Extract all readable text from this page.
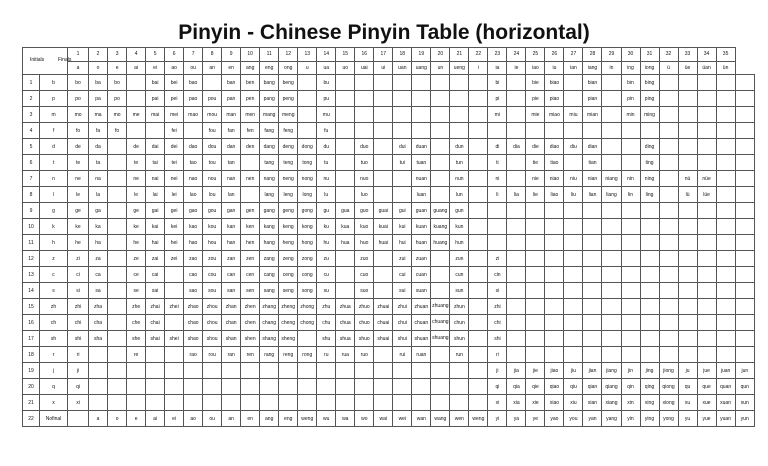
Pinyin - Chinese Pinyin Table (horizontal)
Initials Finals		1	2	3	4	5	6	7	8	9	10	11	12	13	14	15	16	17	18	19	20	21	22	23	24	25	26	27	28	29	30	31	32	33	34	35	
		a	o	e	ai	ei	ao	ou	an	en	ang	eng	ong	u	ua	uo	uai	ui	uan	uang	un	ueng	i	ia	ie	iao	iu	ian	iang	in	ing	iong	ü	üe	üan	ün	
1	b	bo	ba	bo		bai	bei	bao		ban	ben	bang	beng		bu									bi		bie	biao		bian		bin	bing					
2	p	po	pa	po		pai	pei	pao	pou	pan	pen	pang	peng		pu									pi		pie	piao		pian		pin	ping					
3	m	mo	ma	mo	me	mai	mei	mao	mou	man	men	mang	meng		mu									mi		mie	miao	miu	mian		min	ming					
4	f	fo	fa	fo			fei		fou	fan	fen	fang	feng		fu																						
5	d	de	da		de	dai	dei	dao	dou	dan	den	dang	deng	dong	du		duo		dui	duan		dun		di	dia	die	diao	diu	dian			ding					
6	t	te	ta		te	tai	tei	tao	tou	tan		tang	teng	tong	tu		tuo		tui	tuan		tun		ti		tie	tiao		tian			ting					
7	n	ne	na		ne	nai	nei	nao	nou	nan	nen	nang	neng	nong	nu		nuo			nuan		nun		ni		nie	niao	niu	nian	niang	nin	ning		nü	nüe		
8	l	le	la		le	lai	lei	lao	lou	lan		lang	leng	long	lu		luo			luan		lun		li	lia	lie	liao	liu	lian	liang	lin	ling		lü	lüe		
9	g	ge	ga		ge	gai	gei	gao	gou	gan	gen	gang	geng	gong	gu	gua	guo	guai	gui	guan	guang	gun															
10	k	ke	ka		ke	kai	kei	kao	kou	kan	ken	kang	keng	kong	ku	kua	kuo	kuai	kui	kuan	kuang	kun															
11	h	he	ha		he	hai	hei	hao	hou	han	hen	hang	heng	hong	hu	hua	huo	huai	hui	huan	huang	hun															
12	z	zi	za		ze	zai	zei	zao	zou	zan	zen	zang	zeng	zong	zu		zuo		zui	zuan		zun		zi													
13	c	ci	ca		ce	cai		cao	cou	can	cen	cang	ceng	cong	cu		cuo		cui	cuan		cun		cin													
14	s	si	sa		se	sai		sao	sou	san	sen	sang	seng	song	su		suo		sui	suan		sun		si													
15	zh	zhi	zha		zhe	zhai	zhei	zhao	zhou	zhan	zhen	zhang	zheng	zhong	zhu	zhua	zhuo	zhuai	zhui	zhuan	zhuang	zhun		zhi													
16	ch	chi	cha		che	chai		chao	chou	chan	chen	chang	cheng	chong	chu	chua	chuo	chuai	chui	chuan	chuang	chun		chi													
17	sh	shi	sha		she	shai	shei	shao	shou	shan	shen	shang	sheng		shu	shua	shuo	shuai	shui	shuan	shuang	shun		shi													
18	r	ri			re			rao	rou	ran	ren	rang	reng	rong	ru	rua	ruo		rui	ruan		run		ri													
19	j	ji																						ji	jia	jie	jiao	jiu	jian	jiang	jin	jing	jiong	ju	jue	juan	jun
20	q	qi																						qi	qia	qie	qiao	qiu	qian	qiang	qin	qing	qiong	qu	que	quan	qun
21	x	xi																						xi	xia	xie	xiao	xiu	xian	xiang	xin	xing	xiong	xu	xue	xuan	xun
22	Nofinal		a	o	e	ai	ei	ao	ou	an	en	ang	eng	weng	wu	wa	wo	wai	wei	wan	wang	wen	weng	yi	ya	ye	yao	you	yan	yang	yin	ying	yong	yu	yue	yuan	yun
